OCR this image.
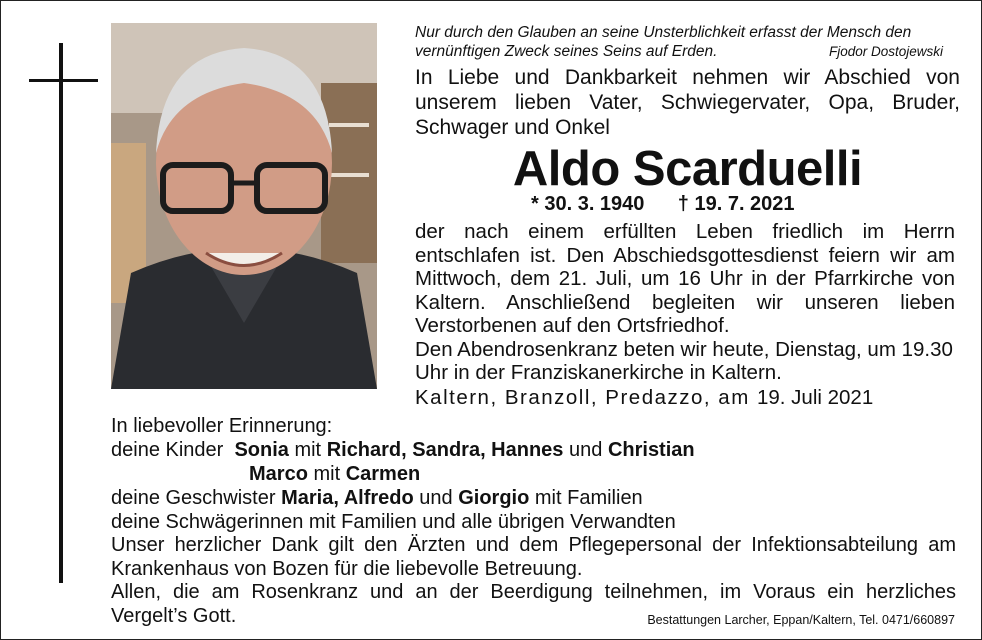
Nur durch den Glauben an seine Unsterblichkeit erfasst der Mensch den vernünftigen Zweck seines Seins auf Erden.	Fjodor Dostojewski
In Liebe und Dankbarkeit nehmen wir Abschied von unserem lieben Vater, Schwiegervater, Opa, Bruder, Schwager und Onkel
Aldo Scarduelli
* 30. 3. 1940 † 19. 7. 2021

der nach einem erfüllten Leben friedlich im Herrn entschlafen ist. Den Abschiedsgottesdienst feiern wir am Mittwoch, dem 21. Juli, um 16 Uhr in der Pfarrkirche von Kaltern. Anschließend begleiten wir unseren lieben Verstorbenen auf den Ortsfriedhof.

Den Abendrosenkranz beten wir heute, Dienstag, um 19.30 Uhr in der Franziskanerkirche in Kaltern.

Kaltern, Branzoll, Predazzo, am 19. Juli 2021
In liebevoller Erinnerung:
deine Kinder Sonia mit Richard, Sandra, Hannes und Christian
Marco mit Carmen
deine Geschwister Maria, Alfredo und Giorgio mit Familien
deine Schwägerinnen mit Familien und alle übrigen Verwandten

Unser herzlicher Dank gilt den Ärzten und dem Pflegepersonal der Infektionsabteilung am Krankenhaus von Bozen für die liebevolle Betreuung.

Allen, die am Rosenkranz und an der Beerdigung teilnehmen, im Voraus ein herzliches Vergelt’s Gott.	Bestattungen Larcher, Eppan/Kaltern, Tel. 0471/660897
